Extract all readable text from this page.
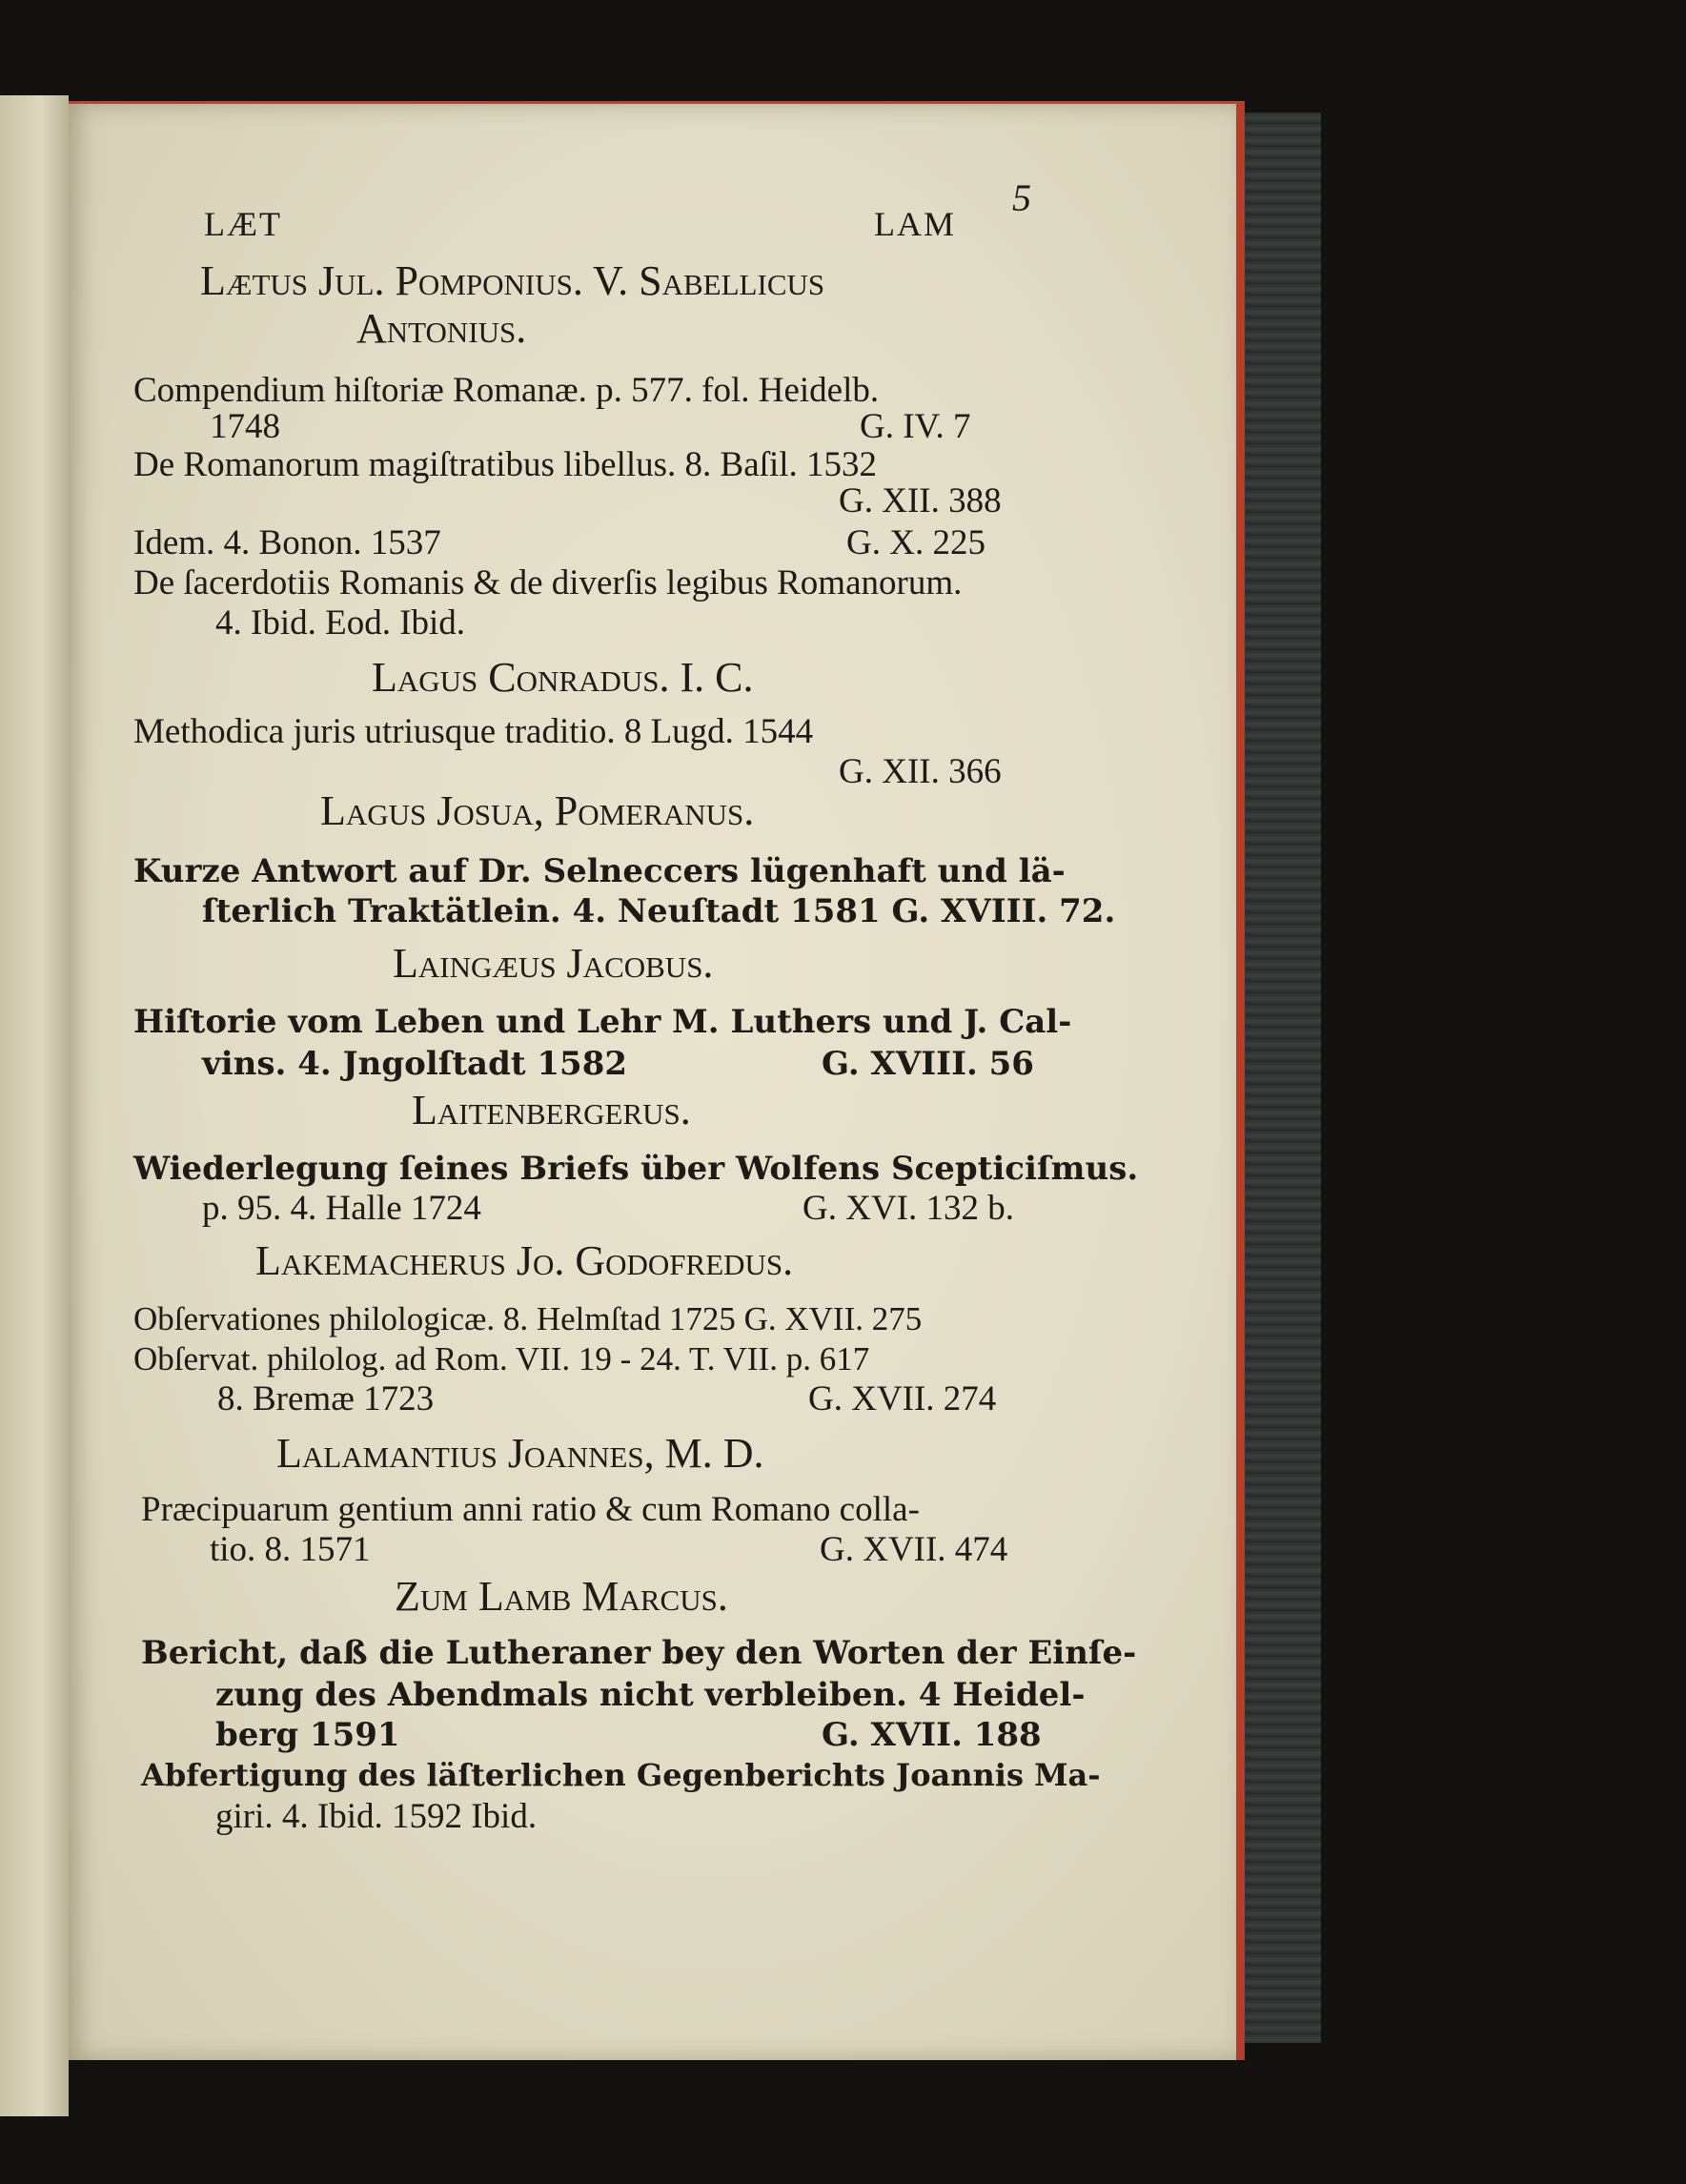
5
LÆT	LAM
Lætus Jul. Pomponius. V. Sabellicus
Antonius.
Compendium hiſtoriæ Romanæ. p. 577. fol. Heidelb.
1748	G. IV. 7
De Romanorum magiſtratibus libellus. 8. Baſil. 1532
G. XII. 388
Idem. 4. Bonon. 1537	G. X. 225
De ſacerdotiis Romanis & de diverſis legibus Romanorum.
4. Ibid. Eod. Ibid.
Lagus Conradus. I. C.
Methodica juris utriusque traditio. 8 Lugd. 1544
G. XII. 366
Lagus Joſua, Pomeranus.
Kurze Antwort auf Dr. Selneccers lügenhaft und lä-
ſterlich Traktätlein. 4. Neuſtadt 1581 G. XVIII. 72.
Laingæus Jacobus.
Hiſtorie vom Leben und Lehr M. Luthers und J. Cal-
vins. 4. Jngolſtadt 1582	G. XVIII. 56
Laitenbergerus.
Wiederlegung ſeines Briefs über Wolfens Scepticiſmus.
p. 95. 4. Halle 1724	G. XVI. 132 b.
Lakemacherus Jo. Godofredus.
Obſervationes philologicæ. 8. Helmſtad 1725 G. XVII. 275
Obſervat. philolog. ad Rom. VII. 19 - 24. T. VII. p. 617
8. Bremæ 1723	G. XVII. 274
Lalamantius Joannes, M. D.
Præcipuarum gentium anni ratio & cum Romano colla-
tio. 8. 1571	G. XVII. 474
Zum Lamb Marcus.
Bericht, daß die Lutheraner bey den Worten der Einſe-
zung des Abendmals nicht verbleiben. 4 Heidel-
berg 1591	G. XVII. 188
Abfertigung des läſterlichen Gegenberichts Joannis Ma-
giri. 4. Ibid. 1592 Ibid.
